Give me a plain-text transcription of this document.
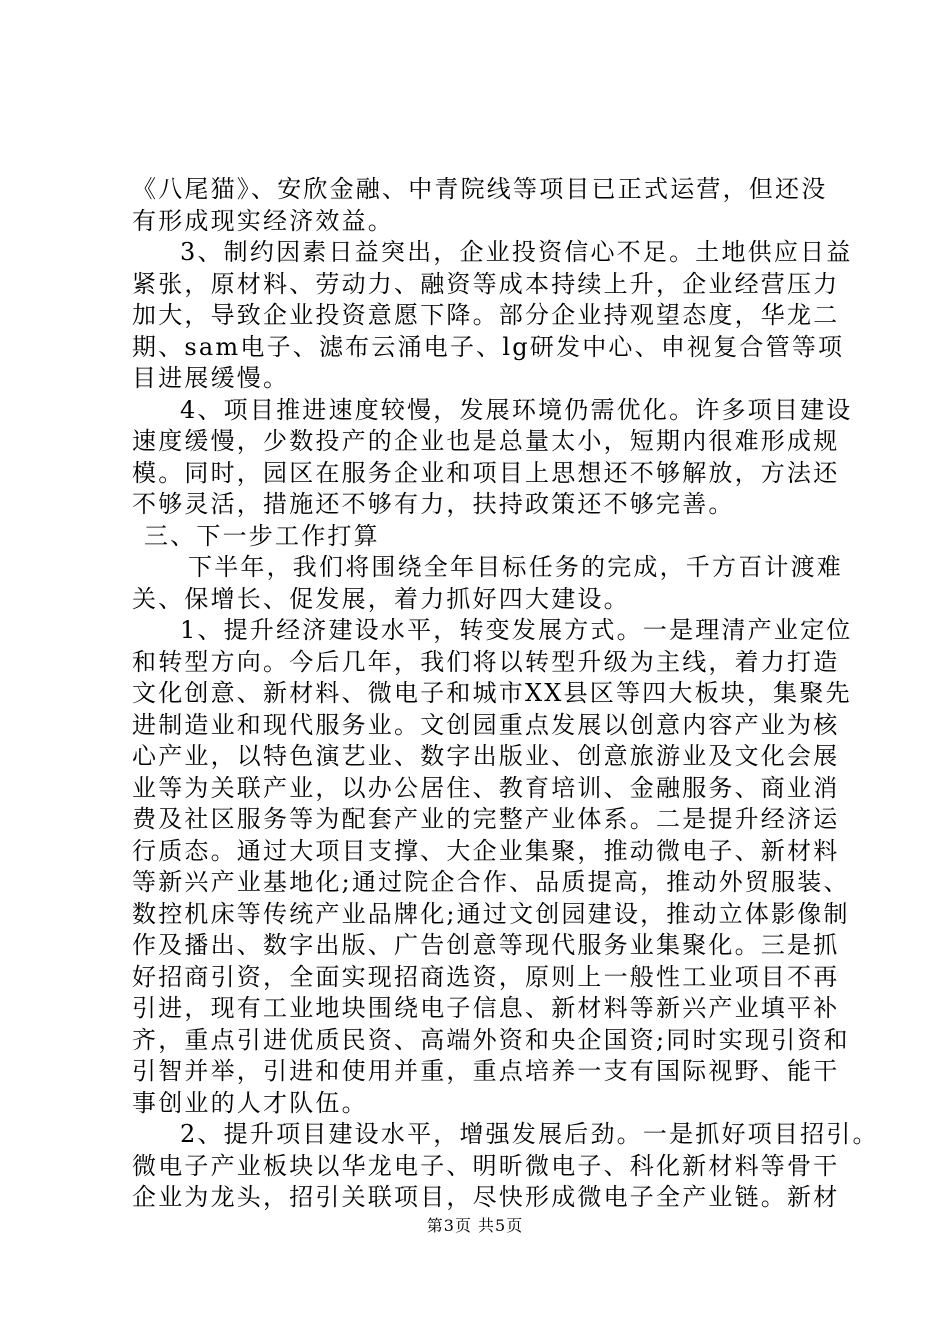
《八尾猫》、安欣金融、中青院线等项目已正式运营，但还没
有形成现实经济效益。
3、制约因素日益突出，企业投资信心不足。土地供应日益
紧张，原材料、劳动力、融资等成本持续上升，企业经营压力
加大，导致企业投资意愿下降。部分企业持观望态度，华龙二
期、sam电子、滤布云涌电子、lg研发中心、申视复合管等项
目进展缓慢。
4、项目推进速度较慢，发展环境仍需优化。许多项目建设
速度缓慢，少数投产的企业也是总量太小，短期内很难形成规
模。同时，园区在服务企业和项目上思想还不够解放，方法还
不够灵活，措施还不够有力，扶持政策还不够完善。
三、下一步工作打算
下半年，我们将围绕全年目标任务的完成，千方百计渡难
关、保增长、促发展，着力抓好四大建设。
1、提升经济建设水平，转变发展方式。一是理清产业定位
和转型方向。今后几年，我们将以转型升级为主线，着力打造
文化创意、新材料、微电子和城市XX县区等四大板块，集聚先
进制造业和现代服务业。文创园重点发展以创意内容产业为核
心产业，以特色演艺业、数字出版业、创意旅游业及文化会展
业等为关联产业，以办公居住、教育培训、金融服务、商业消
费及社区服务等为配套产业的完整产业体系。二是提升经济运
行质态。通过大项目支撑、大企业集聚，推动微电子、新材料
等新兴产业基地化;通过院企合作、品质提高，推动外贸服装、
数控机床等传统产业品牌化;通过文创园建设，推动立体影像制
作及播出、数字出版、广告创意等现代服务业集聚化。三是抓
好招商引资，全面实现招商选资，原则上一般性工业项目不再
引进，现有工业地块围绕电子信息、新材料等新兴产业填平补
齐，重点引进优质民资、高端外资和央企国资;同时实现引资和
引智并举，引进和使用并重，重点培养一支有国际视野、能干
事创业的人才队伍。
2、提升项目建设水平，增强发展后劲。一是抓好项目招引。
微电子产业板块以华龙电子、明昕微电子、科化新材料等骨干
企业为龙头，招引关联项目，尽快形成微电子全产业链。新材
第3页 共5页
